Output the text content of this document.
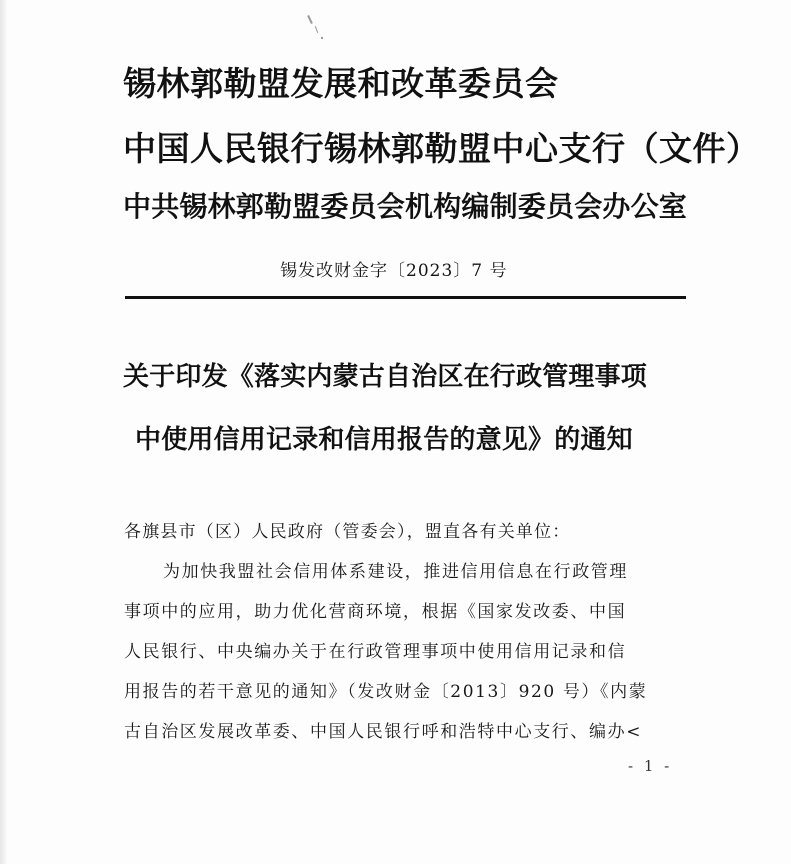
锡林郭勒盟发展和改革委员会
中国人民银行锡林郭勒盟中心支行（文件）
中共锡林郭勒盟委员会机构编制委员会办公室
锡发改财金字〔2023〕7 号
关于印发《落实内蒙古自治区在行政管理事项
中使用信用记录和信用报告的意见》的通知
各旗县市（区）人民政府（管委会），盟直各有关单位：
为加快我盟社会信用体系建设，推进信用信息在行政管理
事项中的应用，助力优化营商环境，根据《国家发改委、中国
人民银行、中央编办关于在行政管理事项中使用信用记录和信
用报告的若干意见的通知》（发改财金〔2013〕920 号）《内蒙
古自治区发展改革委、中国人民银行呼和浩特中心支行、编办<
- 1 -
